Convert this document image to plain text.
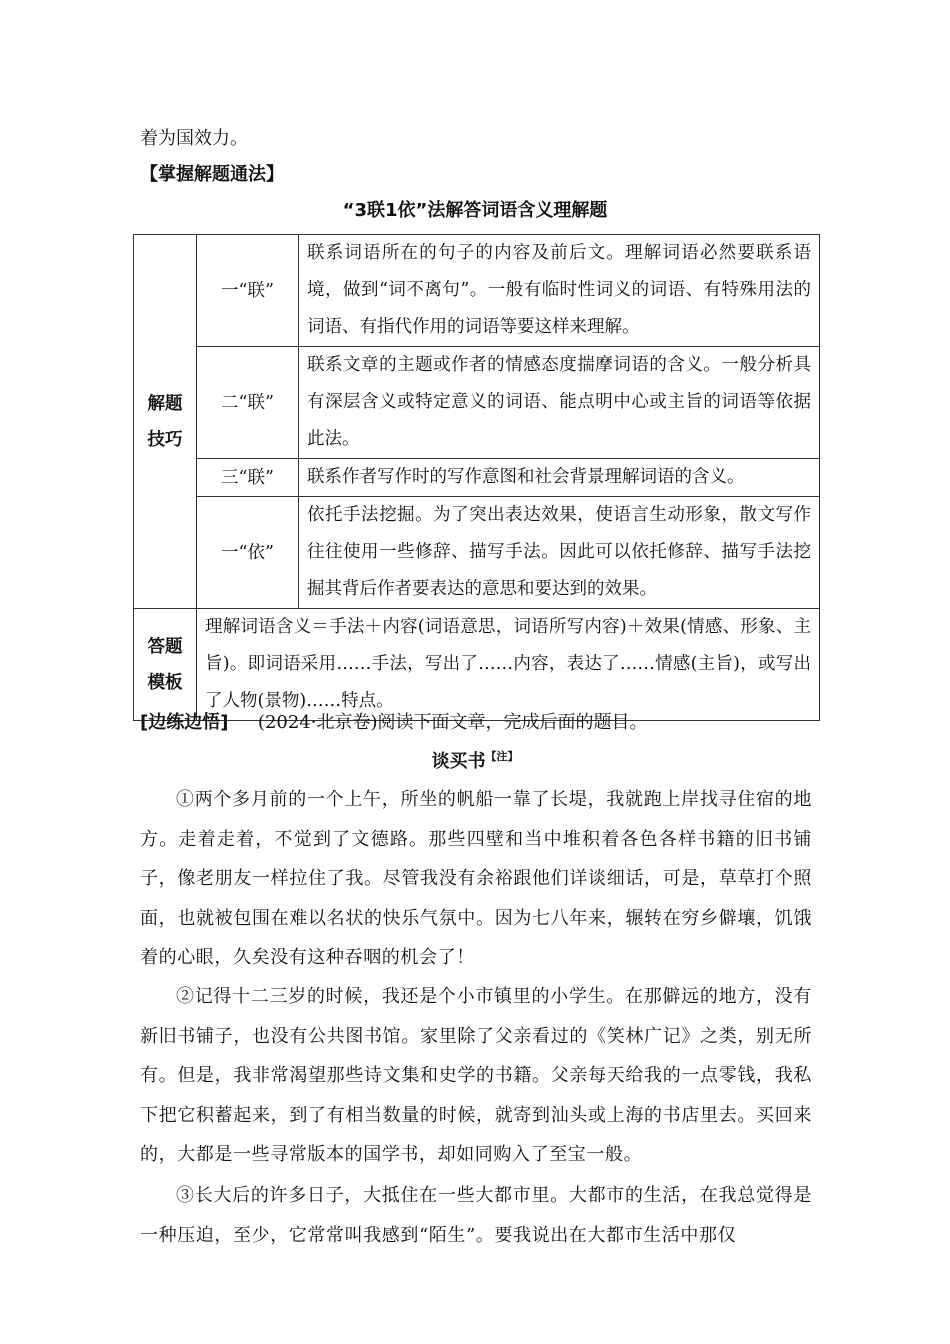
着为国效力。
【掌握解题通法】
“3联1依”法解答词语含义理解题
解题技巧	一“联”	联系词语所在的句子的内容及前后文。理解词语必然要联系语境，做到“词不离句”。一般有临时性词义的词语、有特殊用法的词语、有指代作用的词语等要这样来理解。
	二“联”	联系文章的主题或作者的情感态度揣摩词语的含义。一般分析具有深层含义或特定意义的词语、能点明中心或主旨的词语等依据此法。
	三“联”	联系作者写作时的写作意图和社会背景理解词语的含义。
	一“依”	依托手法挖掘。为了突出表达效果，使语言生动形象，散文写作往往使用一些修辞、描写手法。因此可以依托修辞、描写手法挖掘其背后作者要表达的意思和要达到的效果。
答题模板	理解词语含义＝手法＋内容(词语意思，词语所写内容)＋效果(情感、形象、主旨)。即词语采用……手法，写出了……内容，表达了……情感(主旨)，或写出了人物(景物)……特点。	
[边练边悟] (2024·北京卷)阅读下面文章，完成后面的题目。
谈买书$^{【注】}$
①两个多月前的一个上午，所坐的帆船一靠了长堤，我就跑上岸找寻住宿的地方。走着走着，不觉到了文德路。那些四壁和当中堆积着各色各样书籍的旧书铺子，像老朋友一样拉住了我。尽管我没有余裕跟他们详谈细话，可是，草草打个照面，也就被包围在难以名状的快乐气氛中。因为七八年来，辗转在穷乡僻壤，饥饿着的心眼，久矣没有这种吞咽的机会了！
②记得十二三岁的时候，我还是个小市镇里的小学生。在那僻远的地方，没有新旧书铺子，也没有公共图书馆。家里除了父亲看过的《笑林广记》之类，别无所有。但是，我非常渴望那些诗文集和史学的书籍。父亲每天给我的一点零钱，我私下把它积蓄起来，到了有相当数量的时候，就寄到汕头或上海的书店里去。买回来的，大都是一些寻常版本的国学书，却如同购入了至宝一般。
③长大后的许多日子，大抵住在一些大都市里。大都市的生活，在我总觉得是一种压迫，至少，它常常叫我感到“陌生”。要我说出在大都市生活中那仅
